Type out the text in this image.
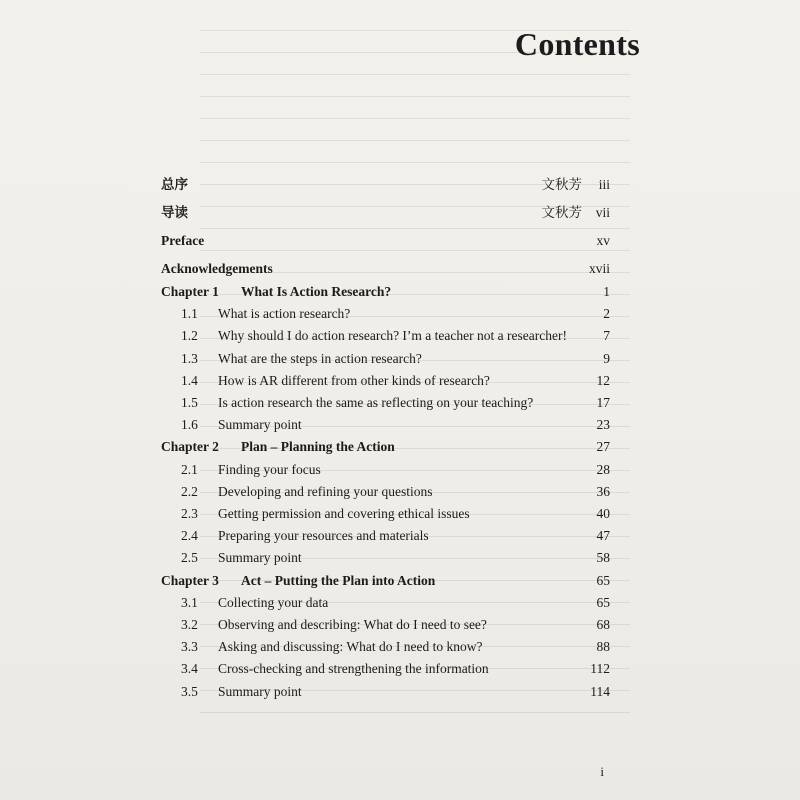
Contents
总序	文秋芳 iii
导读	文秋芳 vii
Preface	xv
Acknowledgements	xvii
Chapter 1 What Is Action Research?	1
1.1	What is action research?	2
1.2	Why should I do action research? I’m a teacher not a researcher!	7
1.3	What are the steps in action research?	9
1.4	How is AR different from other kinds of research?	12
1.5	Is action research the same as reflecting on your teaching?	17
1.6	Summary point	23
Chapter 2 Plan – Planning the Action	27
2.1	Finding your focus	28
2.2	Developing and refining your questions	36
2.3	Getting permission and covering ethical issues	40
2.4	Preparing your resources and materials	47
2.5	Summary point	58
Chapter 3 Act – Putting the Plan into Action	65
3.1	Collecting your data	65
3.2	Observing and describing: What do I need to see?	68
3.3	Asking and discussing: What do I need to know?	88
3.4	Cross-checking and strengthening the information	112
3.5	Summary point	114
i
